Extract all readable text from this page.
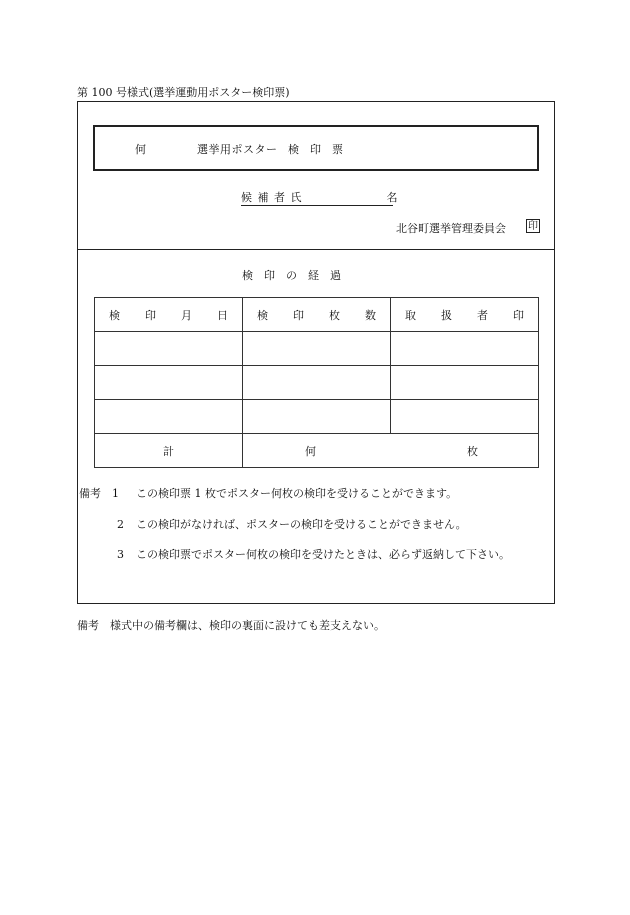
第 100 号様式(選挙運動用ポスター検印票)
何	選挙用ポスター 検　印　票
候 補 者 氏　　　　　　　名
北谷町選挙管理委員会 印
検　印　の　経　過
検 印 月 日	検 印 枚 数	取 扱 者 印

計	何 枚	
備考　 1 この検印票 1 枚でポスター何枚の検印を受けることができます。
2 この検印がなければ、ポスターの検印を受けることができません。
3 この検印票でポスター何枚の検印を受けたときは、必らず返納して下さい。
備考　様式中の備考欄は、検印の裏面に設けても差支えない。
